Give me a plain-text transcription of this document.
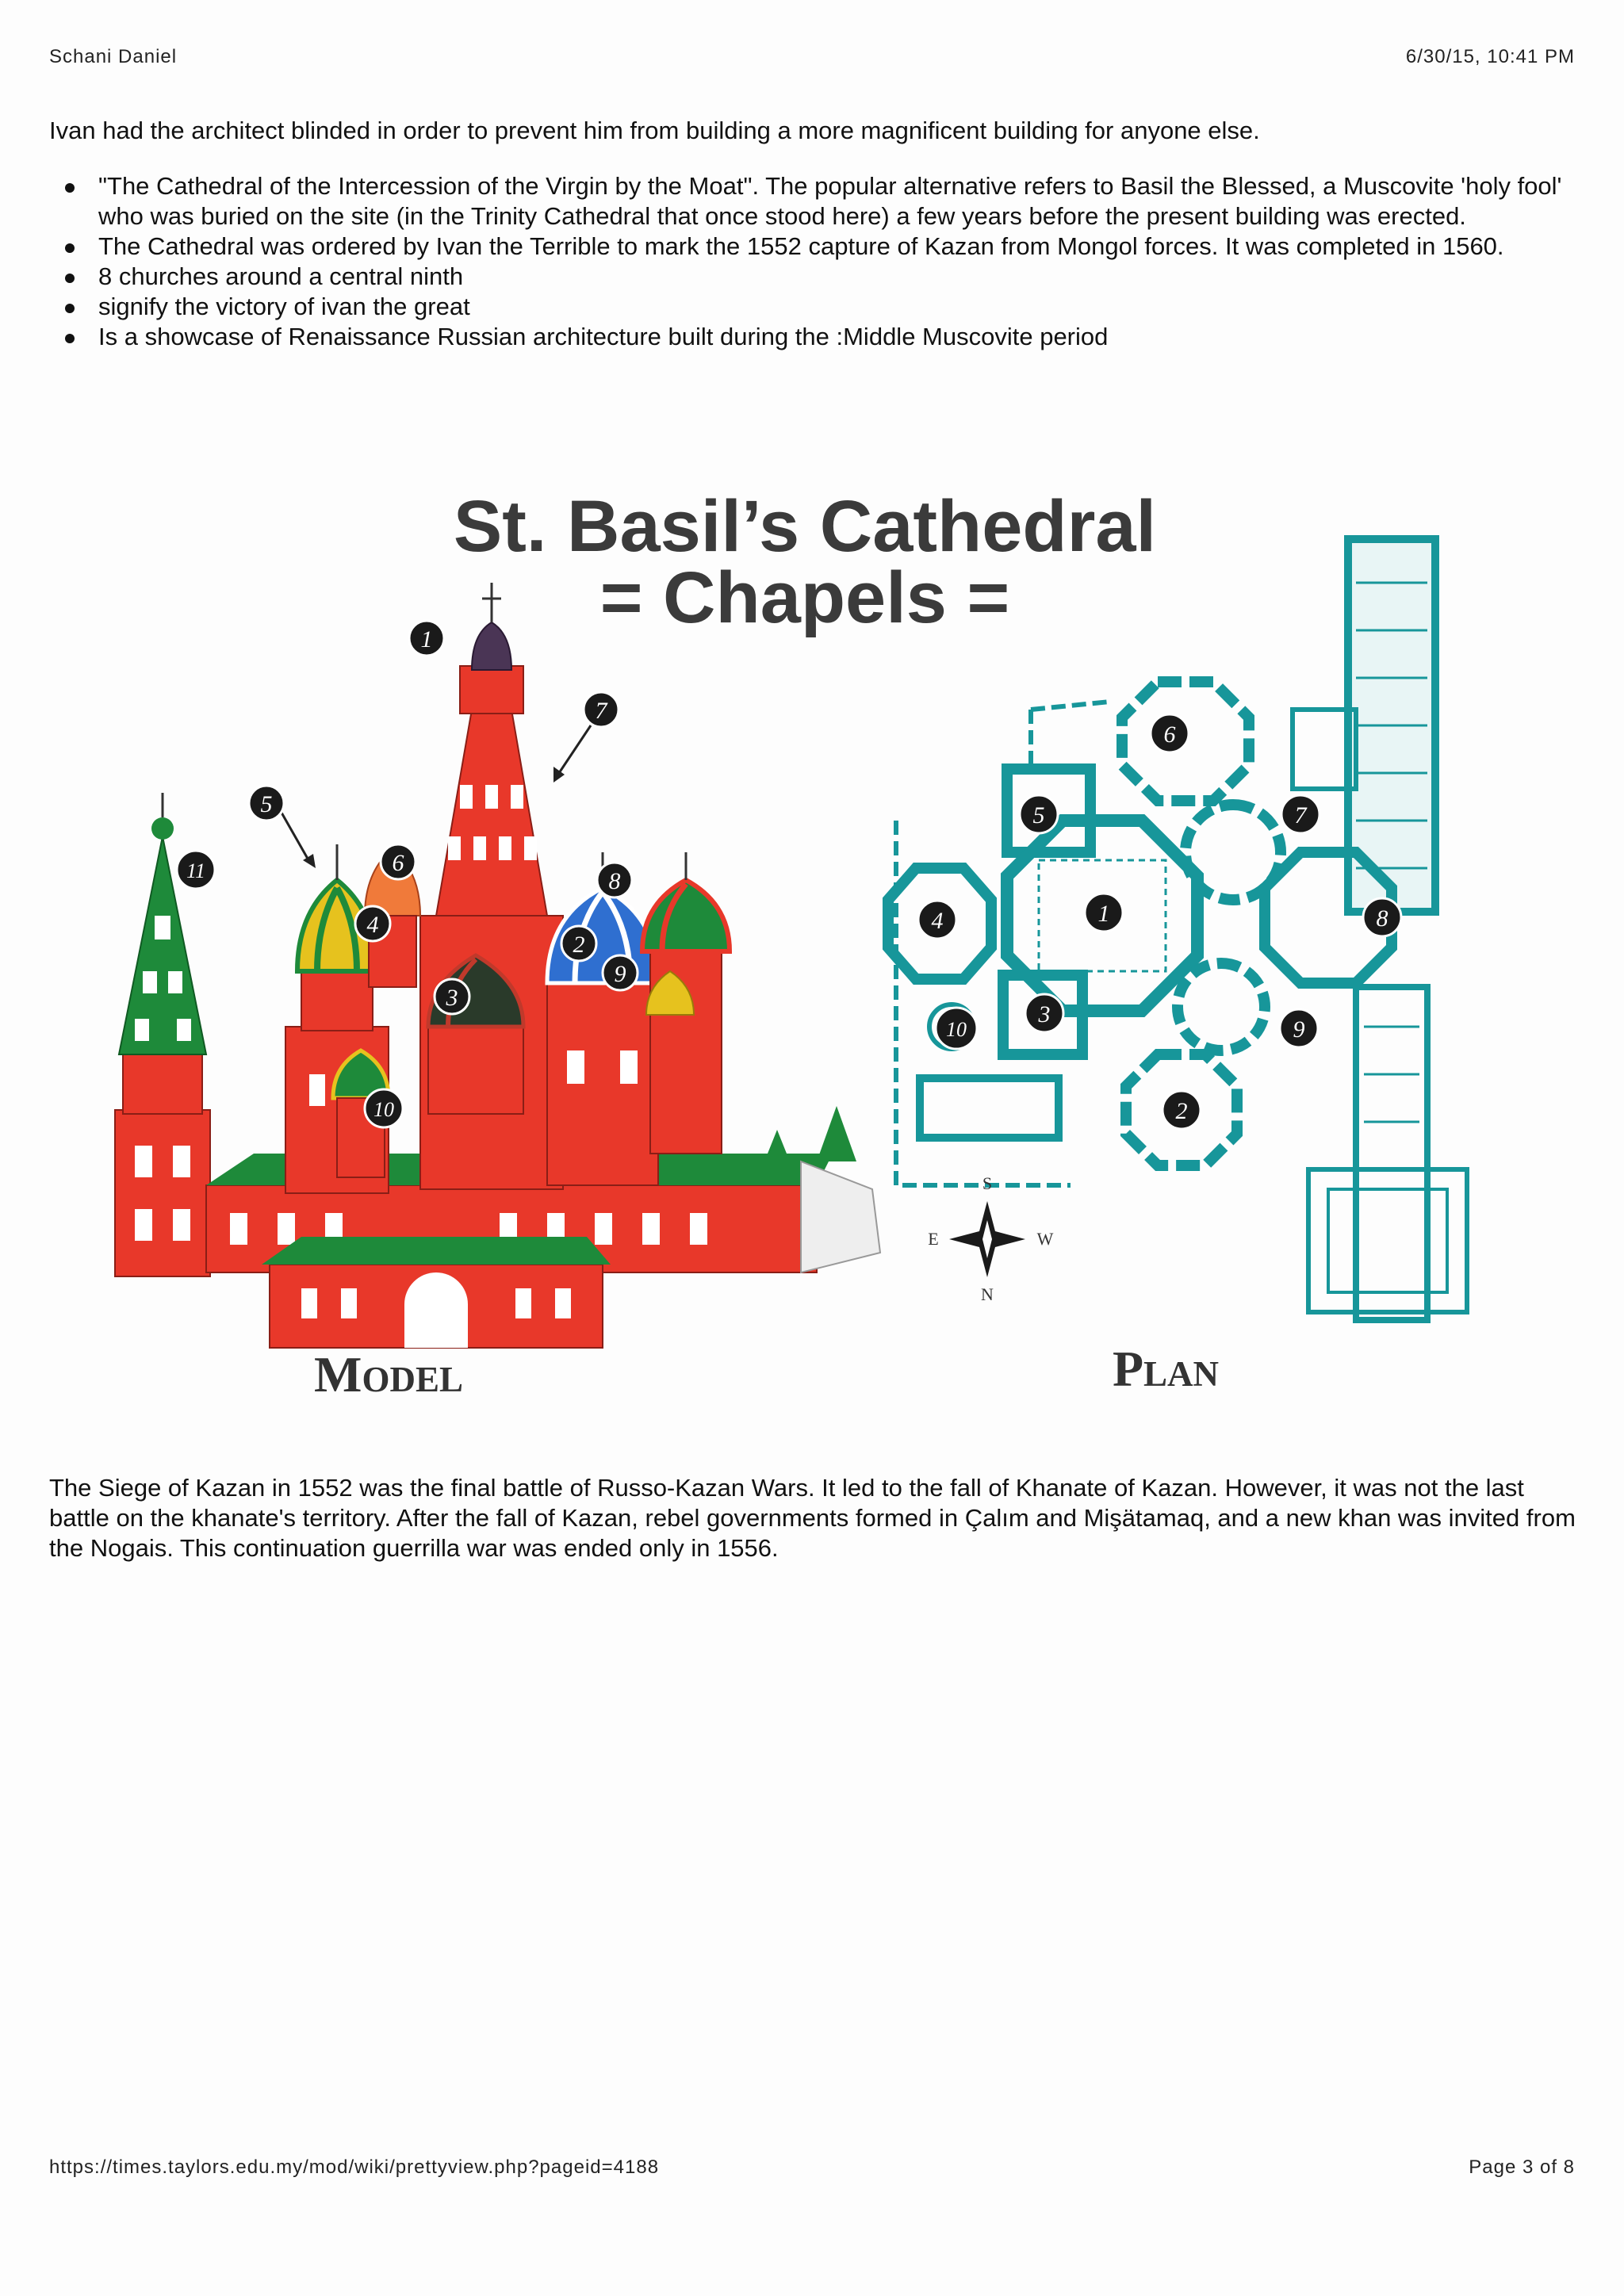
Schani Daniel	6/30/15, 10:41 PM
Ivan had the architect blinded in order to prevent him from building a more magnificent building for anyone else.
"The Cathedral of the Intercession of the Virgin by the Moat". The popular alternative refers to Basil the Blessed, a Muscovite 'holy fool' who was buried on the site (in the Trinity Cathedral that once stood here) a few years before the present building was erected.
The Cathedral was ordered by Ivan the Terrible to mark the 1552 capture of Kazan from Mongol forces. It was completed in 1560.
8 churches around a central ninth
signify the victory of ivan the great
Is a showcase of Renaissance Russian architecture built during the :Middle Muscovite period
St. Basil’s Cathedral
= Chapels =
1
2
3
4
5
6
7
8
9
10
11
Model
1
2
3
4
5
6
7
8
9
10
S
N
E	W
Plan
The Siege of Kazan in 1552 was the final battle of Russo-Kazan Wars. It led to the fall of Khanate of Kazan. However, it was not the last battle on the khanate's territory. After the fall of Kazan, rebel governments formed in Çalım and Mişätamaq, and a new khan was invited from the Nogais. This continuation guerrilla war was ended only in 1556.
https://times.taylors.edu.my/mod/wiki/prettyview.php?pageid=4188	Page 3 of 8
